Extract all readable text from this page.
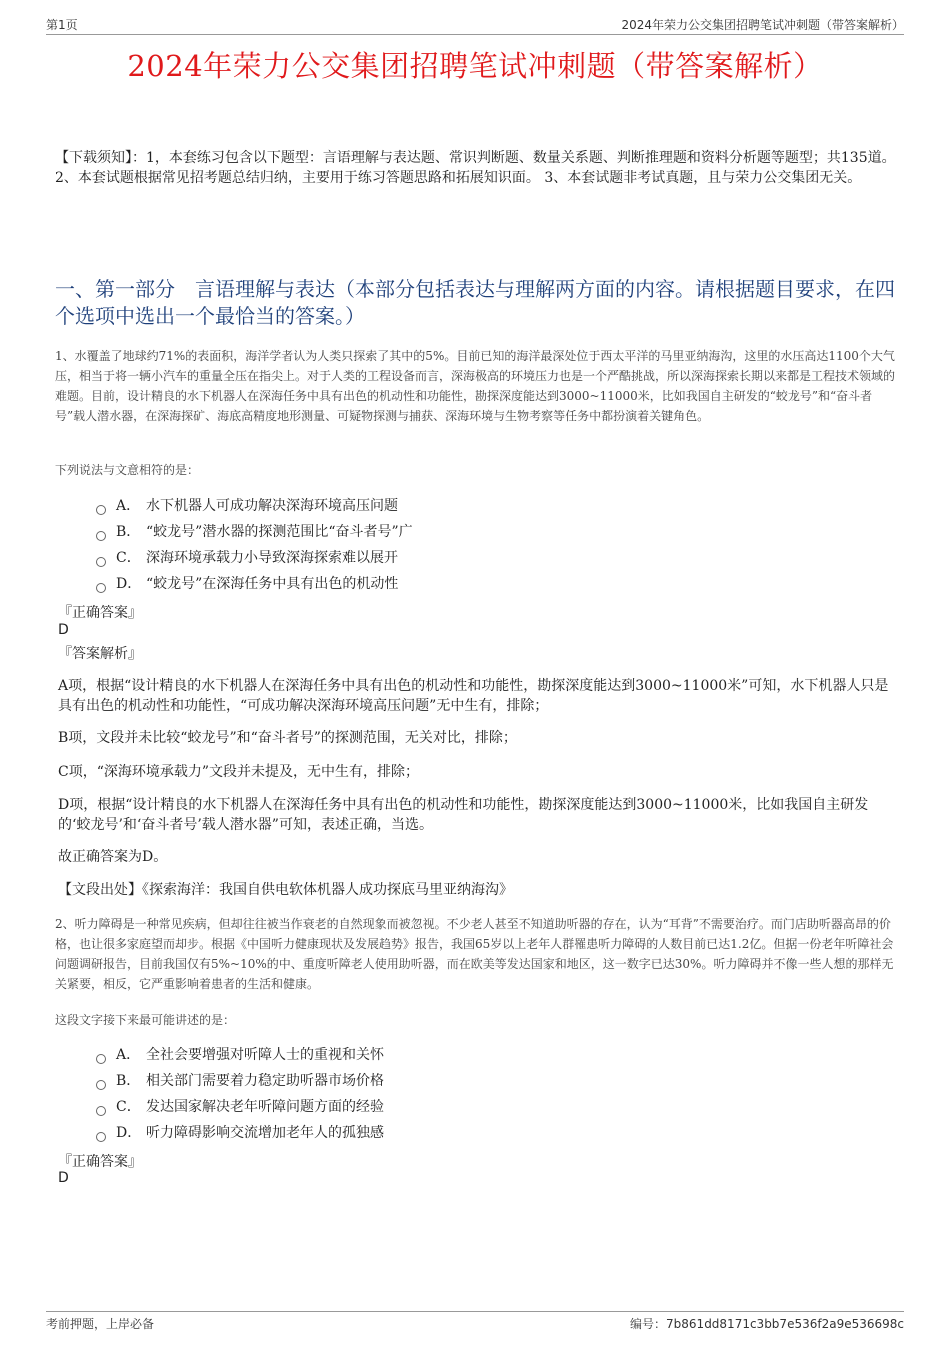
第1页	2024年荣力公交集团招聘笔试冲刺题（带答案解析）
2024年荣力公交集团招聘笔试冲刺题（带答案解析）
【下载须知】：1，本套练习包含以下题型：言语理解与表达题、常识判断题、数量关系题、判断推理题和资料分析题等题型；共135道。 2、本套试题根据常见招考题总结归纳，主要用于练习答题思路和拓展知识面。 3、本套试题非考试真题，且与荣力公交集团无关。
一、第一部分　言语理解与表达（本部分包括表达与理解两方面的内容。请根据题目要求，在四个选项中选出一个最恰当的答案。）
1、水覆盖了地球约71%的表面积，海洋学者认为人类只探索了其中的5%。目前已知的海洋最深处位于西太平洋的马里亚纳海沟，这里的水压高达1100个大气压，相当于将一辆小汽车的重量全压在指尖上。对于人类的工程设备而言，深海极高的环境压力也是一个严酷挑战，所以深海探索长期以来都是工程技术领域的难题。目前，设计精良的水下机器人在深海任务中具有出色的机动性和功能性，勘探深度能达到3000~11000米，比如我国自主研发的“蛟龙号”和“奋斗者号”载人潜水器，在深海探矿、海底高精度地形测量、可疑物探测与捕获、深海环境与生物考察等任务中都扮演着关键角色。
下列说法与文意相符的是：
A． 水下机器人可成功解决深海环境高压问题
B． “蛟龙号”潜水器的探测范围比“奋斗者号”广
C． 深海环境承载力小导致深海探索难以展开
D． “蛟龙号”在深海任务中具有出色的机动性
『正确答案』
D
『答案解析』
A项，根据“设计精良的水下机器人在深海任务中具有出色的机动性和功能性，勘探深度能达到3000~11000米”可知，水下机器人只是具有出色的机动性和功能性，“可成功解决深海环境高压问题”无中生有，排除；
B项，文段并未比较“蛟龙号”和“奋斗者号”的探测范围，无关对比，排除；
C项，“深海环境承载力”文段并未提及，无中生有，排除；
D项，根据“设计精良的水下机器人在深海任务中具有出色的机动性和功能性，勘探深度能达到3000~11000米，比如我国自主研发的‘蛟龙号’和‘奋斗者号’载人潜水器”可知，表述正确，当选。
故正确答案为D。
【文段出处】《探索海洋：我国自供电软体机器人成功探底马里亚纳海沟》
2、听力障碍是一种常见疾病，但却往往被当作衰老的自然现象而被忽视。不少老人甚至不知道助听器的存在，认为“耳背”不需要治疗。而门店助听器高昂的价格，也让很多家庭望而却步。根据《中国听力健康现状及发展趋势》报告，我国65岁以上老年人群罹患听力障碍的人数目前已达1.2亿。但据一份老年听障社会问题调研报告，目前我国仅有5%~10%的中、重度听障老人使用助听器，而在欧美等发达国家和地区，这一数字已达30%。听力障碍并不像一些人想的那样无关紧要，相反，它严重影响着患者的生活和健康。
这段文字接下来最可能讲述的是：
A． 全社会要增强对听障人士的重视和关怀
B． 相关部门需要着力稳定助听器市场价格
C． 发达国家解决老年听障问题方面的经验
D． 听力障碍影响交流增加老年人的孤独感
『正确答案』
D
考前押题，上岸必备	编号：7b861dd8171c3bb7e536f2a9e536698c
